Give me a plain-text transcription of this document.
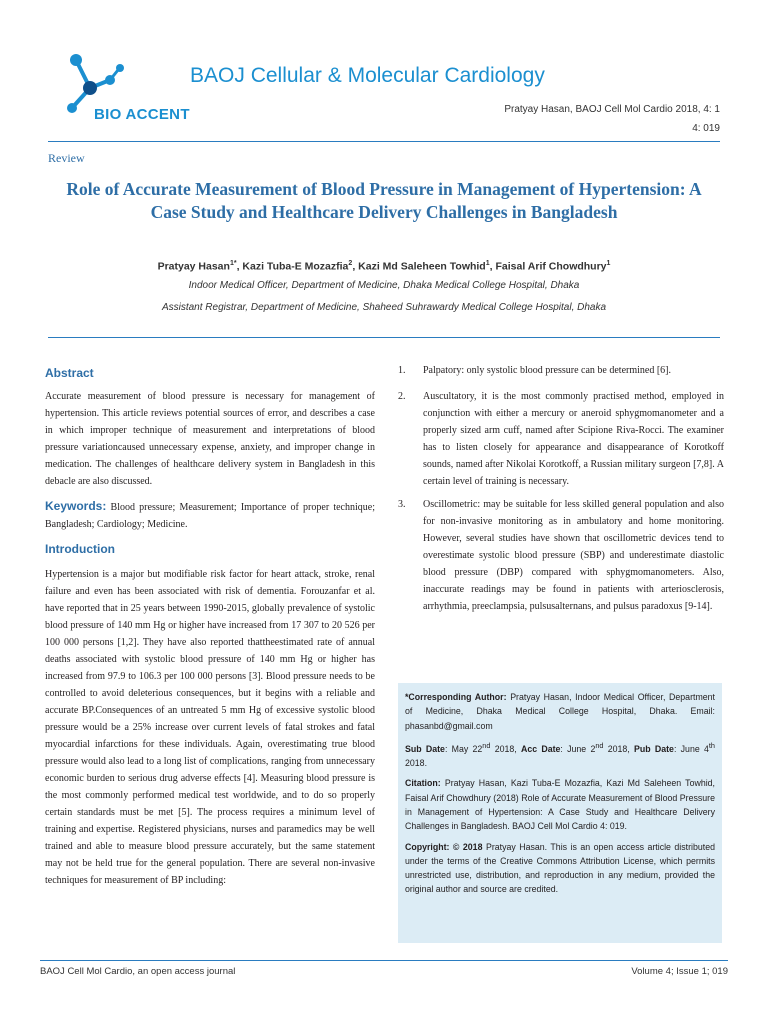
BIO ACCENT
BAOJ Cellular & Molecular Cardiology
Pratyay Hasan, BAOJ Cell Mol Cardio 2018, 4: 1
4: 019
Review
Role of Accurate Measurement of Blood Pressure in Management of Hypertension: A Case Study and Healthcare Delivery Challenges in Bangladesh
Pratyay Hasan$^{1*}$, Kazi Tuba-E Mozazfia$^2$, Kazi Md Saleheen Towhid$^1$, Faisal Arif Chowdhury$^1$
Indoor Medical Officer, Department of Medicine, Dhaka Medical College Hospital, Dhaka
Assistant Registrar, Department of Medicine, Shaheed Suhrawardy Medical College Hospital, Dhaka
Abstract
Accurate measurement of blood pressure is necessary for management of hypertension. This article reviews potential sources of error, and describes a case in which improper technique of measurement and interpretations of blood pressure variationcaused unnecessary expense, anxiety, and improper change in medication. The challenges of healthcare delivery system in Bangladesh in this debacle are also discussed.
Keywords: Blood pressure; Measurement; Importance of proper technique; Bangladesh; Cardiology; Medicine.
Introduction
Hypertension is a major but modifiable risk factor for heart attack, stroke, renal failure and even has been associated with risk of dementia. Forouzanfar et al. have reported that in 25 years between 1990-2015, globally prevalence of systolic blood pressure of 140 mm Hg or higher have increased from 17 307 to 20 526 per 100 000 persons [1,2]. They have also reported thattheestimated rate of annual deaths associated with systolic blood pressure of 140 mm Hg or higher has increased from 97.9 to 106.3 per 100 000 persons [3]. Blood pressure needs to be controlled to avoid deleterious consequences, but it begins with a reliable and accurate BP.Consequences of an untreated 5 mm Hg of excessive systolic blood pressure would be a 25% increase over current levels of fatal strokes and fatal myocardial infarctions for these individuals. Again, overestimating true blood pressure would also lead to a long list of complications, ranging from unnecessary economic burden to serious drug adverse effects [4]. Measuring blood pressure is the most commonly performed medical test worldwide, and to do so properly certain standards must be met [5]. The process requires a minimum level of training and expertise. Registered physicians, nurses and paramedics may be well trained and able to measure blood pressure accurately, but the same statement may not be held true for the general population. There are several non-invasive techniques for measurement of BP including:
1.	Palpatory: only systolic blood pressure can be determined [6].
2.	Auscultatory, it is the most commonly practised method, employed in conjunction with either a mercury or aneroid sphygmomanometer and a properly sized arm cuff, named after Scipione Riva-Rocci. The examiner has to listen closely for appearance and disappearance of Korotkoff sounds, named after Nikolai Korotkoff, a Russian military surgeon [7,8]. A certain level of training is necessary.
3.	Oscillometric: may be suitable for less skilled general population and also for non-invasive monitoring as in ambulatory and home monitoring. However, several studies have shown that oscillometric devices tend to overestimate systolic blood pressure (SBP) and underestimate diastolic blood pressure (DBP) compared with sphygmomanometers. Also, inaccurate readings may be found in patients with arteriosclerosis, arrhythmia, preeclampsia, pulsusalternans, and pulsus paradoxus [9-14].

*Corresponding Author: Pratyay Hasan, Indoor Medical Officer, Department of Medicine, Dhaka Medical College Hospital, Dhaka. Email: phasanbd@gmail.com

Sub Date: May 22nd 2018, Acc Date: June 2nd 2018, Pub Date: June 4th 2018.

Citation: Pratyay Hasan, Kazi Tuba-E Mozazfia, Kazi Md Saleheen Towhid, Faisal Arif Chowdhury (2018) Role of Accurate Measurement of Blood Pressure in Management of Hypertension: A Case Study and Healthcare Delivery Challenges in Bangladesh. BAOJ Cell Mol Cardio 4: 019.

Copyright: © 2018 Pratyay Hasan. This is an open access article distributed under the terms of the Creative Commons Attribution License, which permits unrestricted use, distribution, and reproduction in any medium, provided the original author and source are credited.

BAOJ Cell Mol Cardio, an open access journal	Volume 4; Issue 1; 019
